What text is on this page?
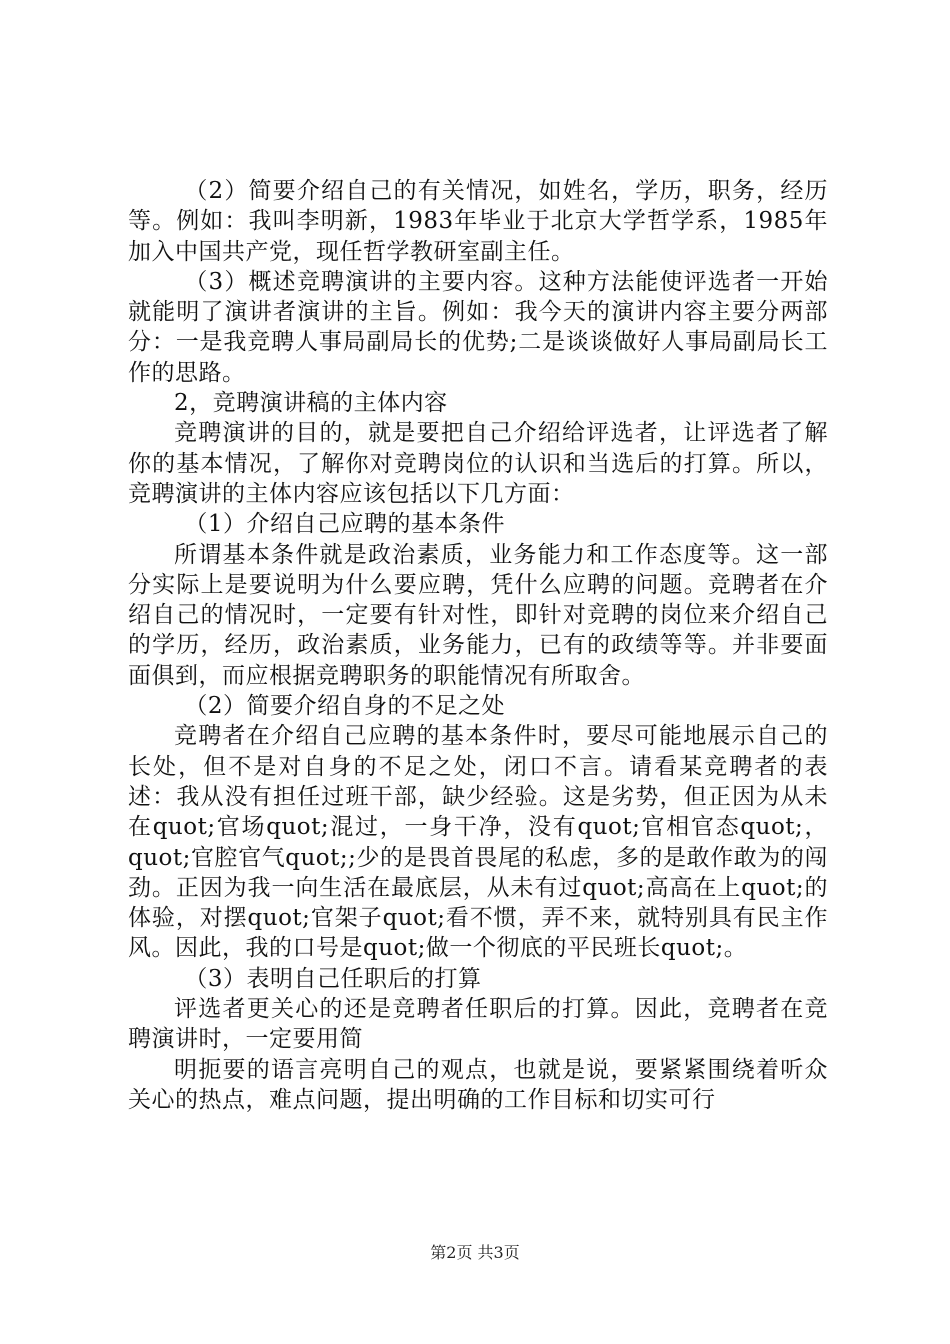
（2）简要介绍自己的有关情况，如姓名，学历，职务，经历等。例如：我叫李明新，1983年毕业于北京大学哲学系，1985年加入中国共产党，现任哲学教研室副主任。

（3）概述竞聘演讲的主要内容。这种方法能使评选者一开始就能明了演讲者演讲的主旨。例如：我今天的演讲内容主要分两部分：一是我竞聘人事局副局长的优势;二是谈谈做好人事局副局长工作的思路。

2，竞聘演讲稿的主体内容

竞聘演讲的目的，就是要把自己介绍给评选者，让评选者了解你的基本情况，了解你对竞聘岗位的认识和当选后的打算。所以，竞聘演讲的主体内容应该包括以下几方面：

（1）介绍自己应聘的基本条件

所谓基本条件就是政治素质，业务能力和工作态度等。这一部分实际上是要说明为什么要应聘，凭什么应聘的问题。竞聘者在介绍自己的情况时，一定要有针对性，即针对竞聘的岗位来介绍自己的学历，经历，政治素质，业务能力，已有的政绩等等。并非要面面俱到，而应根据竞聘职务的职能情况有所取舍。

（2）简要介绍自身的不足之处

竞聘者在介绍自己应聘的基本条件时，要尽可能地展示自己的长处，但不是对自身的不足之处，闭口不言。请看某竞聘者的表述：我从没有担任过班干部，缺少经验。这是劣势，但正因为从未在quot;官场quot;混过，一身干净，没有quot;官相官态quot;，quot;官腔官气quot;;少的是畏首畏尾的私虑，多的是敢作敢为的闯劲。正因为我一向生活在最底层，从未有过quot;高高在上quot;的体验，对摆quot;官架子quot;看不惯，弄不来，就特别具有民主作风。因此，我的口号是quot;做一个彻底的平民班长quot;。

（3）表明自己任职后的打算

评选者更关心的还是竞聘者任职后的打算。因此，竞聘者在竞聘演讲时，一定要用简

明扼要的语言亮明自己的观点，也就是说，要紧紧围绕着听众关心的热点，难点问题，提出明确的工作目标和切实可行

第2页 共3页
